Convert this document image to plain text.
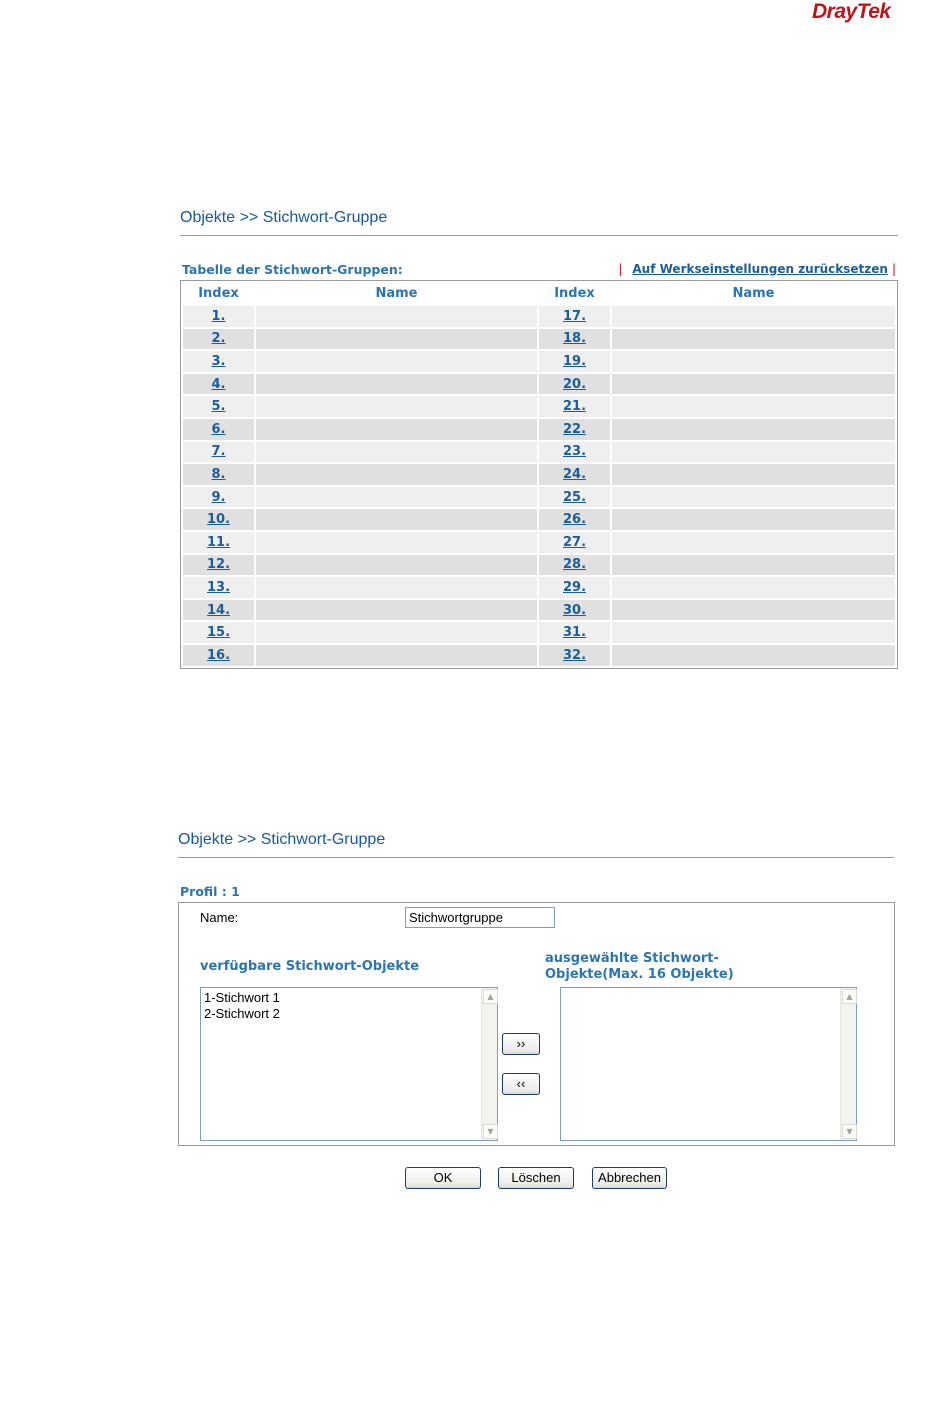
DrayTek
Objekte >> Stichwort-Gruppe
Tabelle der Stichwort-Gruppen:	| Auf Werkseinstellungen zurücksetzen |
Index	Name	Index	Name
1.		17.	
2.		18.	
3.		19.	
4.		20.	
5.		21.	
6.		22.	
7.		23.	
8.		24.	
9.		25.	
10.		26.	
11.		27.	
12.		28.	
13.		29.	
14.		30.	
15.		31.	
16.		32.	
Objekte >> Stichwort-Gruppe
Profil : 1
Name:
Stichwortgruppe
verfügbare Stichwort-Objekte
ausgewählte Stichwort-
Objekte(Max. 16 Objekte)
1-Stichwort 1
2-Stichwort 2
▲
▼
››
‹‹
▲
▼
OK	Löschen	Abbrechen
